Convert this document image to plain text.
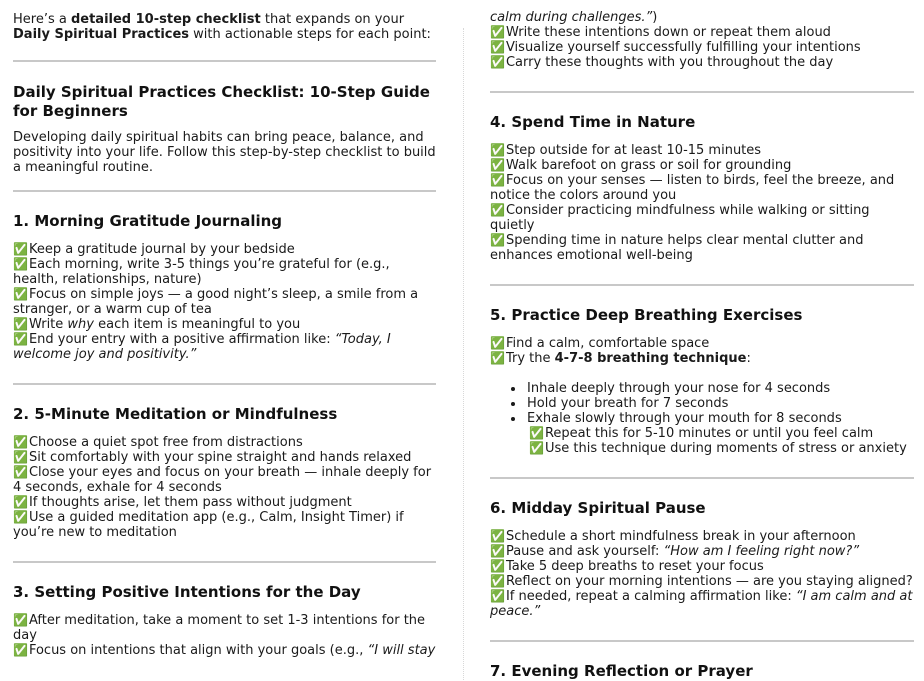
Here’s a detailed 10-step checklist that expands on your Daily Spiritual Practices with actionable steps for each point:

Daily Spiritual Practices Checklist: 10-Step Guide for Beginners

Developing daily spiritual habits can bring peace, balance, and positivity into your life. Follow this step-by-step checklist to build a meaningful routine.

1. Morning Gratitude Journaling
✅Keep a gratitude journal by your bedside
✅Each morning, write 3-5 things you’re grateful for (e.g., health, relationships, nature)
✅Focus on simple joys — a good night’s sleep, a smile from a stranger, or a warm cup of tea
✅Write why each item is meaningful to you
✅End your entry with a positive affirmation like: “Today, I welcome joy and positivity.”
2. 5-Minute Meditation or Mindfulness
✅Choose a quiet spot free from distractions
✅Sit comfortably with your spine straight and hands relaxed
✅Close your eyes and focus on your breath — inhale deeply for 4 seconds, exhale for 4 seconds
✅If thoughts arise, let them pass without judgment
✅Use a guided meditation app (e.g., Calm, Insight Timer) if you’re new to meditation
3. Setting Positive Intentions for the Day
✅After meditation, take a moment to set 1-3 intentions for the day
✅Focus on intentions that align with your goals (e.g., “I will stay

calm during challenges.”)

✅Write these intentions down or repeat them aloud
✅Visualize yourself successfully fulfilling your intentions
✅Carry these thoughts with you throughout the day
4. Spend Time in Nature
✅Step outside for at least 10-15 minutes
✅Walk barefoot on grass or soil for grounding
✅Focus on your senses — listen to birds, feel the breeze, and notice the colors around you
✅Consider practicing mindfulness while walking or sitting quietly
✅Spending time in nature helps clear mental clutter and enhances emotional well-being
5. Practice Deep Breathing Exercises
✅Find a calm, comfortable space
✅Try the 4-7-8 breathing technique:
• Inhale deeply through your nose for 4 seconds
• Hold your breath for 7 seconds
• Exhale slowly through your mouth for 8 seconds
✅Repeat this for 5-10 minutes or until you feel calm
✅Use this technique during moments of stress or anxiety
6. Midday Spiritual Pause
✅Schedule a short mindfulness break in your afternoon
✅Pause and ask yourself: “How am I feeling right now?”
✅Take 5 deep breaths to reset your focus
✅Reflect on your morning intentions — are you staying aligned?
✅If needed, repeat a calming affirmation like: “I am calm and at peace.”
7. Evening Reflection or Prayer
